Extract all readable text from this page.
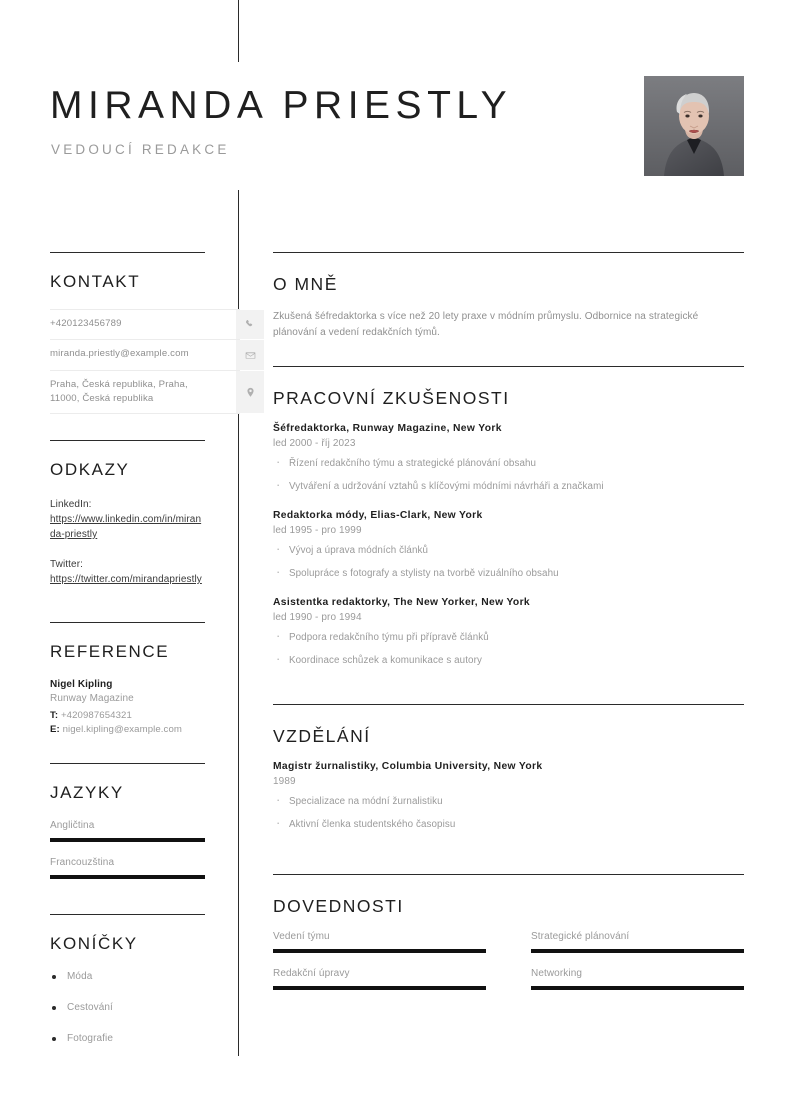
MIRANDA PRIESTLY
VEDOUCÍ REDAKCE
KONTAKT
+420123456789
miranda.priestly@example.com
Praha, Česká republika, Praha, 11000, Česká republika
ODKAZY
LinkedIn:
https://www.linkedin.com/in/miranda-priestly
Twitter:
https://twitter.com/mirandapriestly
REFERENCE
Nigel Kipling
Runway Magazine
T: +420987654321
E: nigel.kipling@example.com
JAZYKY
Angličtina
Francouzština
KONÍČKY
Móda
Cestování
Fotografie
O MNĚ
Zkušená šéfredaktorka s více než 20 lety praxe v módním průmyslu. Odbornice na strategické plánování a vedení redakčních týmů.
PRACOVNÍ ZKUŠENOSTI
Šéfredaktorka, Runway Magazine, New York
led 2000 - říj 2023
· Řízení redakčního týmu a strategické plánování obsahu
· Vytváření a udržování vztahů s klíčovými módními návrháři a značkami
Redaktorka módy, Elias-Clark, New York
led 1995 - pro 1999
· Vývoj a úprava módních článků
· Spolupráce s fotografy a stylisty na tvorbě vizuálního obsahu
Asistentka redaktorky, The New Yorker, New York
led 1990 - pro 1994
· Podpora redakčního týmu při přípravě článků
· Koordinace schůzek a komunikace s autory
VZDĚLÁNÍ
Magistr žurnalistiky, Columbia University, New York
1989
· Specializace na módní žurnalistiku
· Aktivní členka studentského časopisu
DOVEDNOSTI
Vedení týmu	Strategické plánování
Redakční úpravy	Networking
